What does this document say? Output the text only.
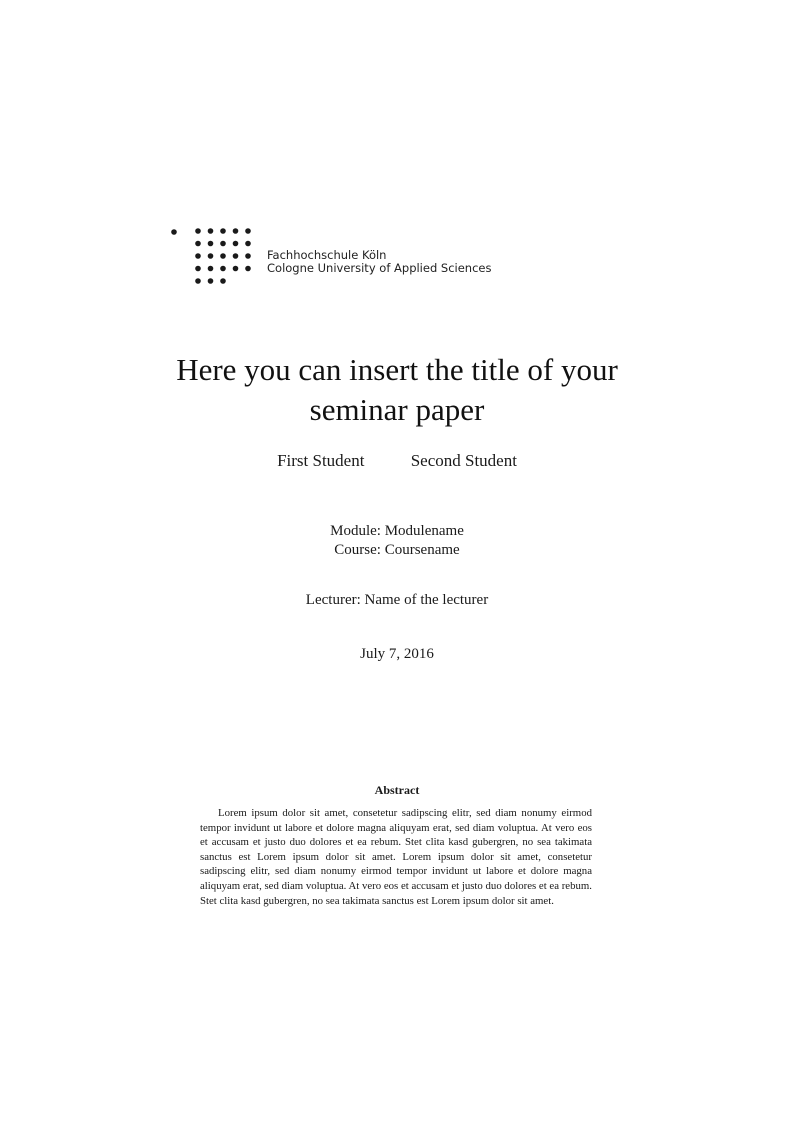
Fachhochschule Köln
Cologne University of Applied Sciences
Here you can insert the title of your seminar paper
First Student	Second Student
Module: Modulename
Course: Coursename
Lecturer: Name of the lecturer
July 7, 2016
Abstract

Lorem ipsum dolor sit amet, consetetur sadipscing elitr, sed diam nonumy eirmod tempor invidunt ut labore et dolore magna aliquyam erat, sed diam voluptua. At vero eos et accusam et justo duo dolores et ea rebum. Stet clita kasd gubergren, no sea takimata sanctus est Lorem ipsum dolor sit amet. Lorem ipsum dolor sit amet, consetetur sadipscing elitr, sed diam nonumy eirmod tempor invidunt ut labore et dolore magna aliquyam erat, sed diam voluptua. At vero eos et accusam et justo duo dolores et ea rebum. Stet clita kasd gubergren, no sea takimata sanctus est Lorem ipsum dolor sit amet.
